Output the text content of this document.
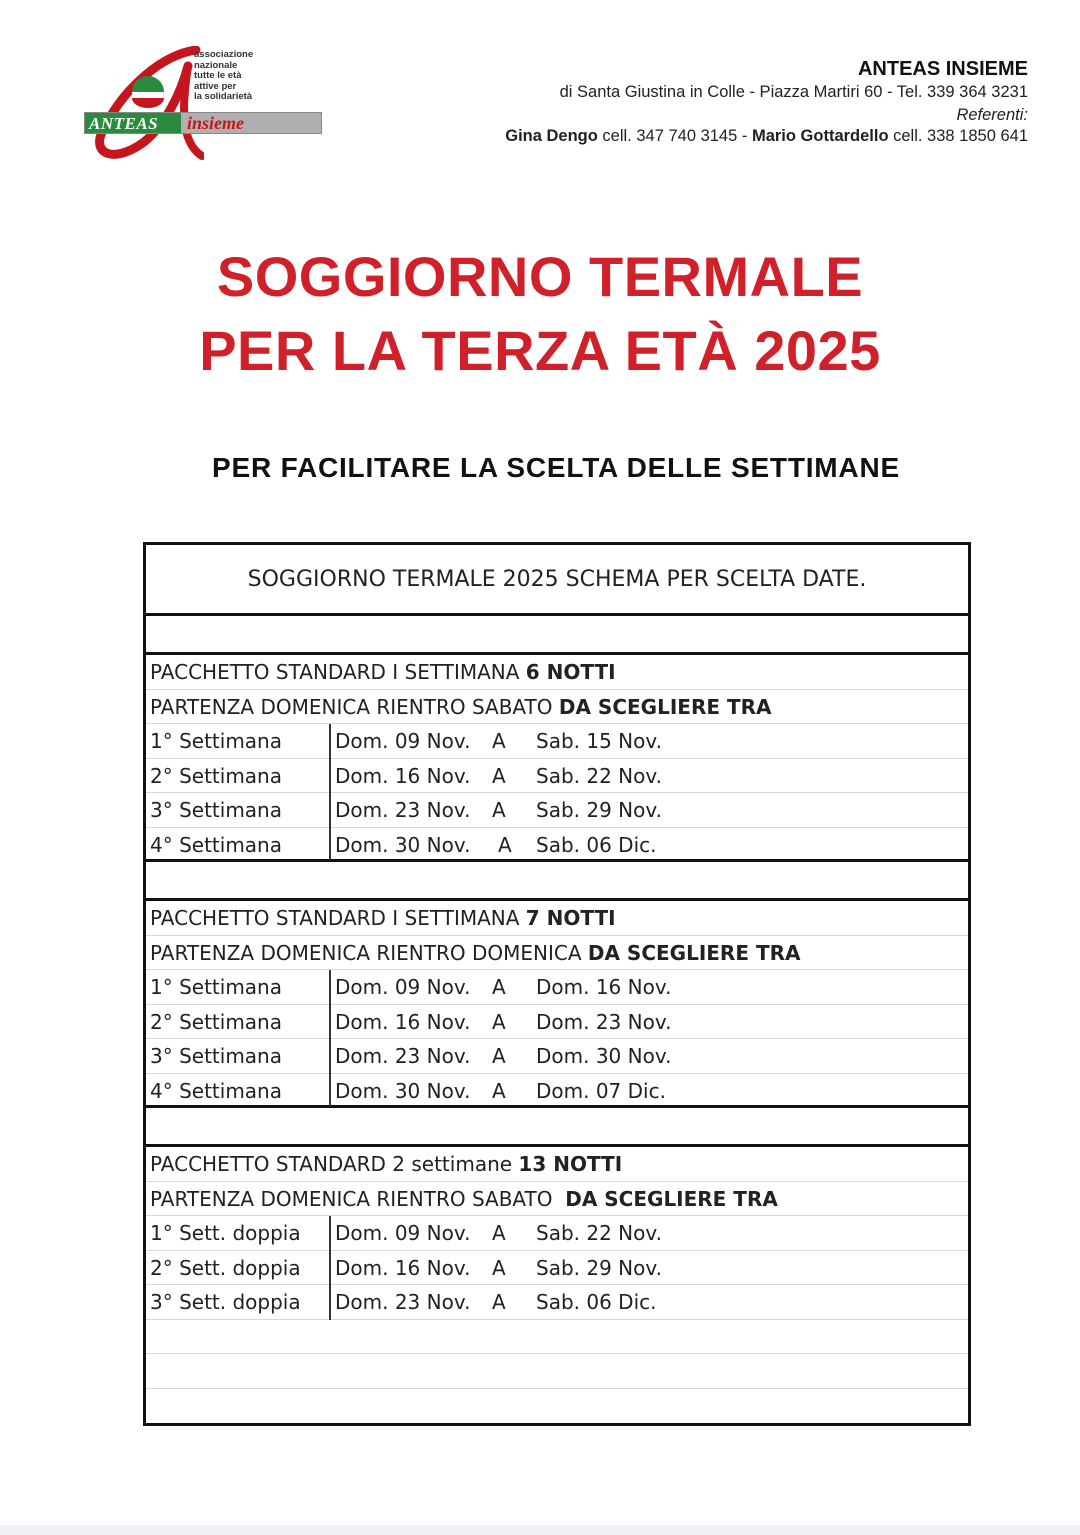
associazione
nazionale
tutte le età
attive per
la solidarietà
ANTEAS insieme
ANTEAS INSIEME
di Santa Giustina in Colle - Piazza Martiri 60 - Tel. 339 364 3231
Referenti:
Gina Dengo cell. 347 740 3145 - Mario Gottardello cell. 338 1850 641
SOGGIORNO TERMALE
PER LA TERZA ETÀ 2025
PER FACILITARE LA SCELTA DELLE SETTIMANE
SOGGIORNO TERMALE 2025 SCHEMA PER SCELTA DATE.
PACCHETTO STANDARD I SETTIMANA 6 NOTTI
PARTENZA DOMENICA RIENTRO SABATO DA SCEGLIERE TRA
1° Settimana	Dom. 09 Nov. A Sab. 15 Nov.
2° Settimana	Dom. 16 Nov. A Sab. 22 Nov.
3° Settimana	Dom. 23 Nov. A Sab. 29 Nov.
4° Settimana	Dom. 30 Nov. A Sab. 06 Dic.
PACCHETTO STANDARD I SETTIMANA 7 NOTTI
PARTENZA DOMENICA RIENTRO DOMENICA DA SCEGLIERE TRA
1° Settimana	Dom. 09 Nov. A Dom. 16 Nov.
2° Settimana	Dom. 16 Nov. A Dom. 23 Nov.
3° Settimana	Dom. 23 Nov. A Dom. 30 Nov.
4° Settimana	Dom. 30 Nov. A Dom. 07 Dic.
PACCHETTO STANDARD 2 settimane 13 NOTTI
PARTENZA DOMENICA RIENTRO SABATO  DA SCEGLIERE TRA
1° Sett. doppia Dom. 09 Nov. A Sab. 22 Nov.
2° Sett. doppia Dom. 16 Nov. A Sab. 29 Nov.
3° Sett. doppia Dom. 23 Nov. A Sab. 06 Dic.
